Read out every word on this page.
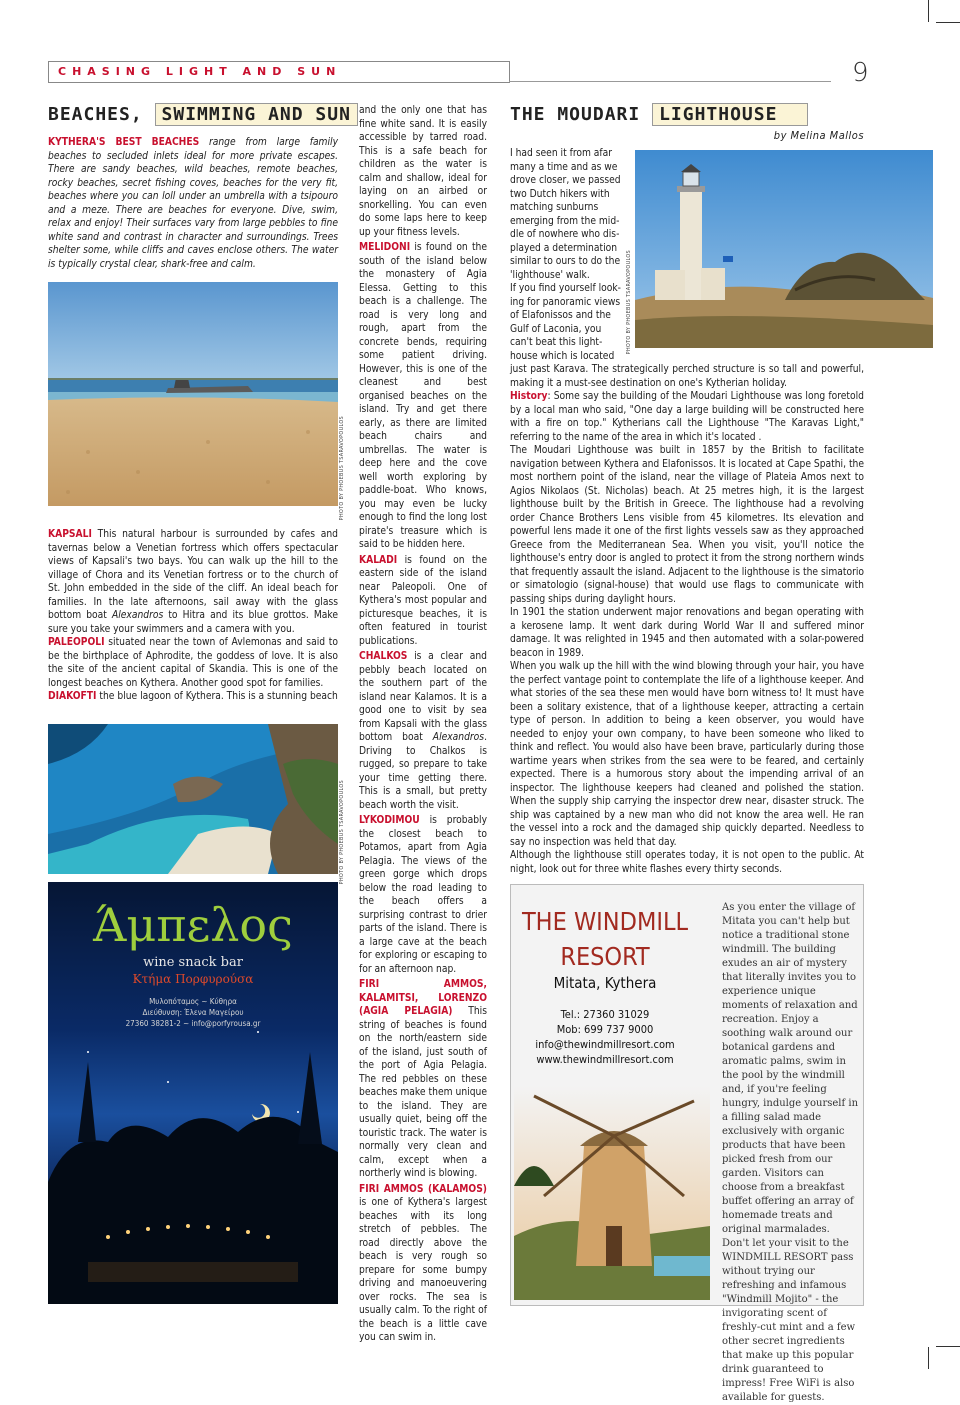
CHASING LIGHT AND SUN	9
BEACHES, SWIMMING AND SUN
KYTHERA'S BEST BEACHES range from large family beaches to secluded inlets ideal for more private escapes. There are sandy beaches, wild beaches, remote beaches, rocky beaches, secret fishing coves, beaches for the very fit, beaches where you can loll under an umbrella with a tsipouro and a meze. There are beaches for everyone. Dive, swim, relax and enjoy! Their surfaces vary from large pebbles to fine white sand and contrast in character and surroundings. Trees shelter some, while cliffs and caves enclose others. The water is typically crystal clear, shark-free and calm.
PHOTO BY PHOEBUS TSARAVOPOULOS

KAPSALI This natural harbour is surrounded by cafes and tavernas below a Venetian fortress which offers spectacular views of Kapsali's two bays. You can walk up the hill to the village of Chora and its Venetian fortress or to the church of St. John embedded in the side of the cliff. An ideal beach for families. In the late afternoons, sail away with the glass bottom boat Alexandros to Hitra and its blue grottos. Make sure you take your swimmers and a camera with you.

PALEOPOLI situated near the town of Avlemonas and said to be the birthplace of Aphrodite, the goddess of love. It is also the site of the ancient capital of Skandia. This is one of the longest beaches on Kythera. Another good spot for families.

DIAKOFTI the blue lagoon of Kythera. This is a stunning beach

PHOTO BY PHOEBUS TSARAVOPOULOS
Άμπελος
wine snack bar
Κτήμα Πορφυρούσα
Μυλοπόταμος ~ Κύθηρα
Διεύθυνση: Έλενα Μαγείρου
27360 38281-2 ~ info@porfyrousa.gr

and the only one that has fine white sand. It is easily accessible by tarred road. This is a safe beach for children as the water is calm and shallow, ideal for laying on an airbed or snorkelling. You can even do some laps here to keep up your fitness levels.

MELIDONI is found on the south of the island below the monastery of Agia Elessa. Getting to this beach is a challenge. The road is very long and rough, apart from the concrete bends, requiring some patient driving. However, this is one of the cleanest and best organised beaches on the island. Try and get there early, as there are limited beach chairs and umbrellas. The water is deep here and the cove well worth exploring by paddle-boat. Who knows, you may even be lucky enough to find the long lost pirate's treasure which is said to be hidden here.

KALADI is found on the eastern side of the island near Paleopoli. One of Kythera's most popular and picturesque beaches, it is often featured in tourist publications.

CHALKOS is a clear and pebbly beach located on the southern part of the island near Kalamos. It is a good one to visit by sea from Kapsali with the glass bottom boat Alexandros. Driving to Chalkos is rugged, so prepare to take your time getting there. This is a small, but pretty beach worth the visit.

LYKODIMOU is probably the closest beach to Potamos, apart from Agia Pelagia. The views of the green gorge which drops below the road leading to the beach offers a surprising contrast to drier parts of the island. There is a large cave at the beach for exploring or escaping to for an afternoon nap.

FIRI AMMOS, KALAMITSI, LORENZO (AGIA PELAGIA) This string of beaches is found on the north/eastern side of the island, just south of the port of Agia Pelagia. The red pebbles on these beaches make them unique to the island. They are usually quiet, being off the touristic track. The water is normally very clean and calm, except when a northerly wind is blowing.

FIRI AMMOS (KALAMOS) is one of Kythera's largest beaches with its long stretch of pebbles. The road directly above the beach is very rough so prepare for some bumpy driving and manoeuvering over rocks. The sea is usually calm. To the right of the beach is a little cave you can swim in.

THE MOUDARI LIGHTHOUSE
by Melina Mallos
PHOTO BY PHOEBUS TSARAVOPOULOS

I had seen it from afar

many a time and as we

drove closer, we passed

two Dutch hikers with

matching sunburns

emerging from the mid-

dle of nowhere who dis-

played a determination

similar to ours to do the

'lighthouse' walk.

If you find yourself look-

ing for panoramic views

of Elafonissos and the

Gulf of Laconia, you

can't beat this light-

house which is located

just past Karava. The strategically perched structure is so tall and powerful, making it a must-see destination on one's Kytherian holiday.

History: Some say the building of the Moudari Lighthouse was long foretold by a local man who said, "One day a large building will be constructed here with a fire on top." Kytherians call the Lighthouse "The Karavas Light," referring to the name of the area in which it's located .

The Moudari Lighthouse was built in 1857 by the British to facilitate navigation between Kythera and Elafonissos. It is located at Cape Spathi, the most northern point of the island, near the village of Plateia Amos next to Agios Nikolaos (St. Nicholas) beach. At 25 metres high, it is the largest lighthouse built by the British in Greece. The lighthouse had a revolving order Chance Brothers Lens visible from 45 kilometres. Its elevation and powerful lens made it one of the first lights vessels saw as they approached Greece from the Mediterranean Sea. When you visit, you'll notice the lighthouse's entry door is angled to protect it from the strong northern winds that frequently assault the island. Adjacent to the lighthouse is the simatorio or simatologio (signal-house) that would use flags to communicate with passing ships during daylight hours.

In 1901 the station underwent major renovations and began operating with a kerosene lamp. It went dark during World War II and suffered minor damage. It was relighted in 1945 and then automated with a solar-powered beacon in 1989.

When you walk up the hill with the wind blowing through your hair, you have the perfect vantage point to contemplate the life of a lighthouse keeper. And what stories of the sea these men would have born witness to! It must have been a solitary existence, that of a lighthouse keeper, attracting a certain type of person. In addition to being a keen observer, you would have needed to enjoy your own company, to have been someone who liked to think and reflect. You would also have been brave, particularly during those wartime years when strikes from the sea were to be feared, and certainly expected. There is a humorous story about the impending arrival of an inspector. The lighthouse keepers had cleaned and polished the station. When the supply ship carrying the inspector drew near, disaster struck. The ship was captained by a new man who did not know the area well. He ran the vessel into a rock and the damaged ship quickly departed. Needless to say no inspection was held that day.

Although the lighthouse still operates today, it is not open to the public. At night, look out for three white flashes every thirty seconds.

THE WINDMILL
RESORT
Mitata, Kythera
Tel.: 27360 31029
Mob: 699 737 9000
info@thewindmillresort.com
www.thewindmillresort.com
As you enter the village of Mitata you can't help but notice a traditional stone windmill. The building exudes an air of mystery that literally invites you to experience unique moments of relaxation and recreation. Enjoy a soothing walk around our botanical gardens and aromatic palms, swim in the pool by the windmill and, if you're feeling hungry, indulge yourself in a filling salad made exclusively with organic products that have been picked fresh from our garden. Visitors can choose from a breakfast buffet offering an array of homemade treats and original marmalades. Don't let your visit to the WINDMILL RESORT pass without trying our refreshing and infamous "Windmill Mojito" - the invigorating scent of freshly-cut mint and a few other secret ingredients that make up this popular drink guaranteed to impress! Free WiFi is also available for guests.
